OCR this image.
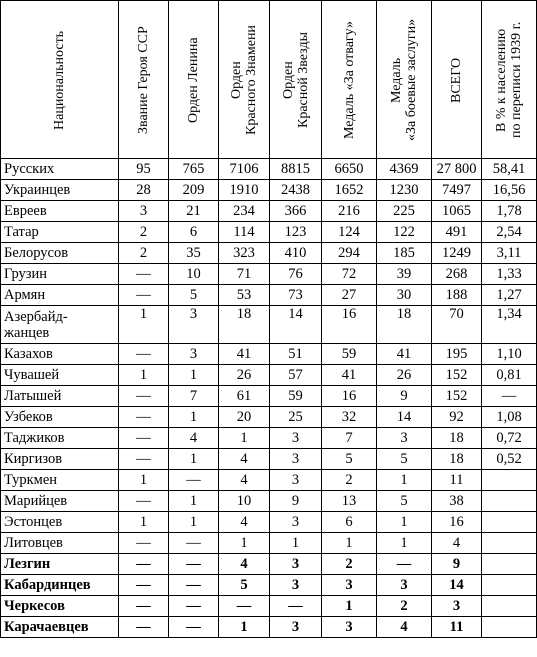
Национальность	Звание Героя ССР	Орден Ленина	Орден Красного Знамени	Орден Красной Звезды	Медаль «За отвагу»	Медаль «За боевые заслуги»	ВСЕГО	В % к населению по переписи 1939 г.

Русских	95	765	7106	8815	6650	4369	27 800	58,41
Украинцев	28	209	1910	2438	1652	1230	7497	16,56
Евреев	3	21	234	366	216	225	1065	1,78
Татар	2	6	114	123	124	122	491	2,54
Белорусов	2	35	323	410	294	185	1249	3,11
Грузин	—	10	71	76	72	39	268	1,33
Армян	—	5	53	73	27	30	188	1,27
Азербайд-
жанцев	1	3	18	14	16	18	70	1,34
Казахов	—	3	41	51	59	41	195	1,10
Чувашей	1	1	26	57	41	26	152	0,81
Латышей	—	7	61	59	16	9	152	—
Узбеков	—	1	20	25	32	14	92	1,08
Таджиков	—	4	1	3	7	3	18	0,72
Киргизов	—	1	4	3	5	5	18	0,52
Туркмен	1	—	4	3	2	1	11	
Марийцев	—	1	10	9	13	5	38	
Эстонцев	1	1	4	3	6	1	16	
Литовцев	—	—	1	1	1	1	4	
Лезгин	—	—	4	3	2	—	9	
Кабардинцев	—	—	5	3	3	3	14	
Черкесов	—	—	—	—	1	2	3	
Карачаевцев	—	—	1	3	3	4	11	
